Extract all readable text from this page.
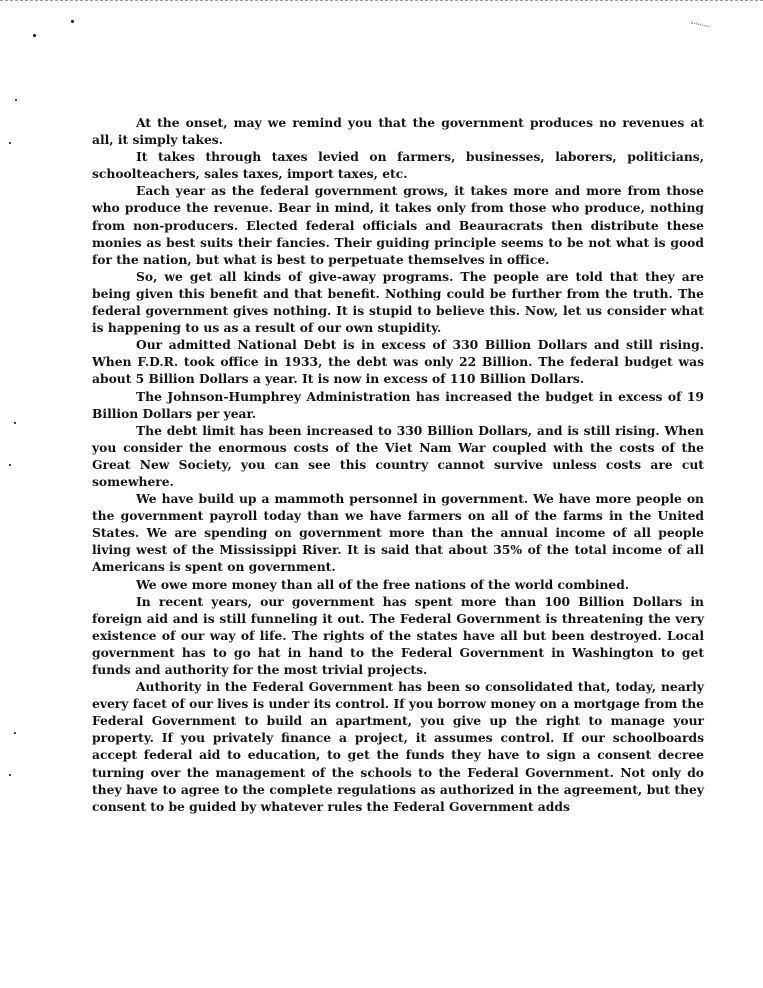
At the onset, may we remind you that the government produces no revenues at all, it simply takes.

It takes through taxes levied on farmers, businesses, laborers, politicians, schoolteachers, sales taxes, import taxes, etc.

Each year as the federal government grows, it takes more and more from those who produce the revenue. Bear in mind, it takes only from those who produce, nothing from non-producers. Elected federal officials and Beauracrats then distribute these monies as best suits their fancies. Their guiding principle seems to be not what is good for the nation, but what is best to perpetuate themselves in office.

So, we get all kinds of give-away programs. The people are told that they are being given this benefit and that benefit. Nothing could be further from the truth. The federal government gives nothing. It is stupid to believe this. Now, let us consider what is happening to us as a result of our own stupidity.

Our admitted National Debt is in excess of 330 Billion Dollars and still rising. When F.D.R. took office in 1933, the debt was only 22 Billion. The federal budget was about 5 Billion Dollars a year. It is now in excess of 110 Billion Dollars.

The Johnson-Humphrey Administration has increased the budget in excess of 19 Billion Dollars per year.

The debt limit has been increased to 330 Billion Dollars, and is still rising. When you consider the enormous costs of the Viet Nam War coupled with the costs of the Great New Society, you can see this country cannot survive unless costs are cut somewhere.

We have build up a mammoth personnel in government. We have more people on the government payroll today than we have farmers on all of the farms in the United States. We are spending on government more than the annual income of all people living west of the Mississippi River. It is said that about 35% of the total income of all Americans is spent on government.

We owe more money than all of the free nations of the world combined.

In recent years, our government has spent more than 100 Billion Dollars in foreign aid and is still funneling it out. The Federal Government is threatening the very existence of our way of life. The rights of the states have all but been destroyed. Local government has to go hat in hand to the Federal Government in Washington to get funds and authority for the most trivial projects.

Authority in the Federal Government has been so consolidated that, today, nearly every facet of our lives is under its control. If you borrow money on a mortgage from the Federal Government to build an apartment, you give up the right to manage your property. If you privately finance a project, it assumes control. If our schoolboards accept federal aid to education, to get the funds they have to sign a consent decree turning over the management of the schools to the Federal Government. Not only do they have to agree to the complete regulations as authorized in the agreement, but they consent to be guided by whatever rules the Federal Government adds
